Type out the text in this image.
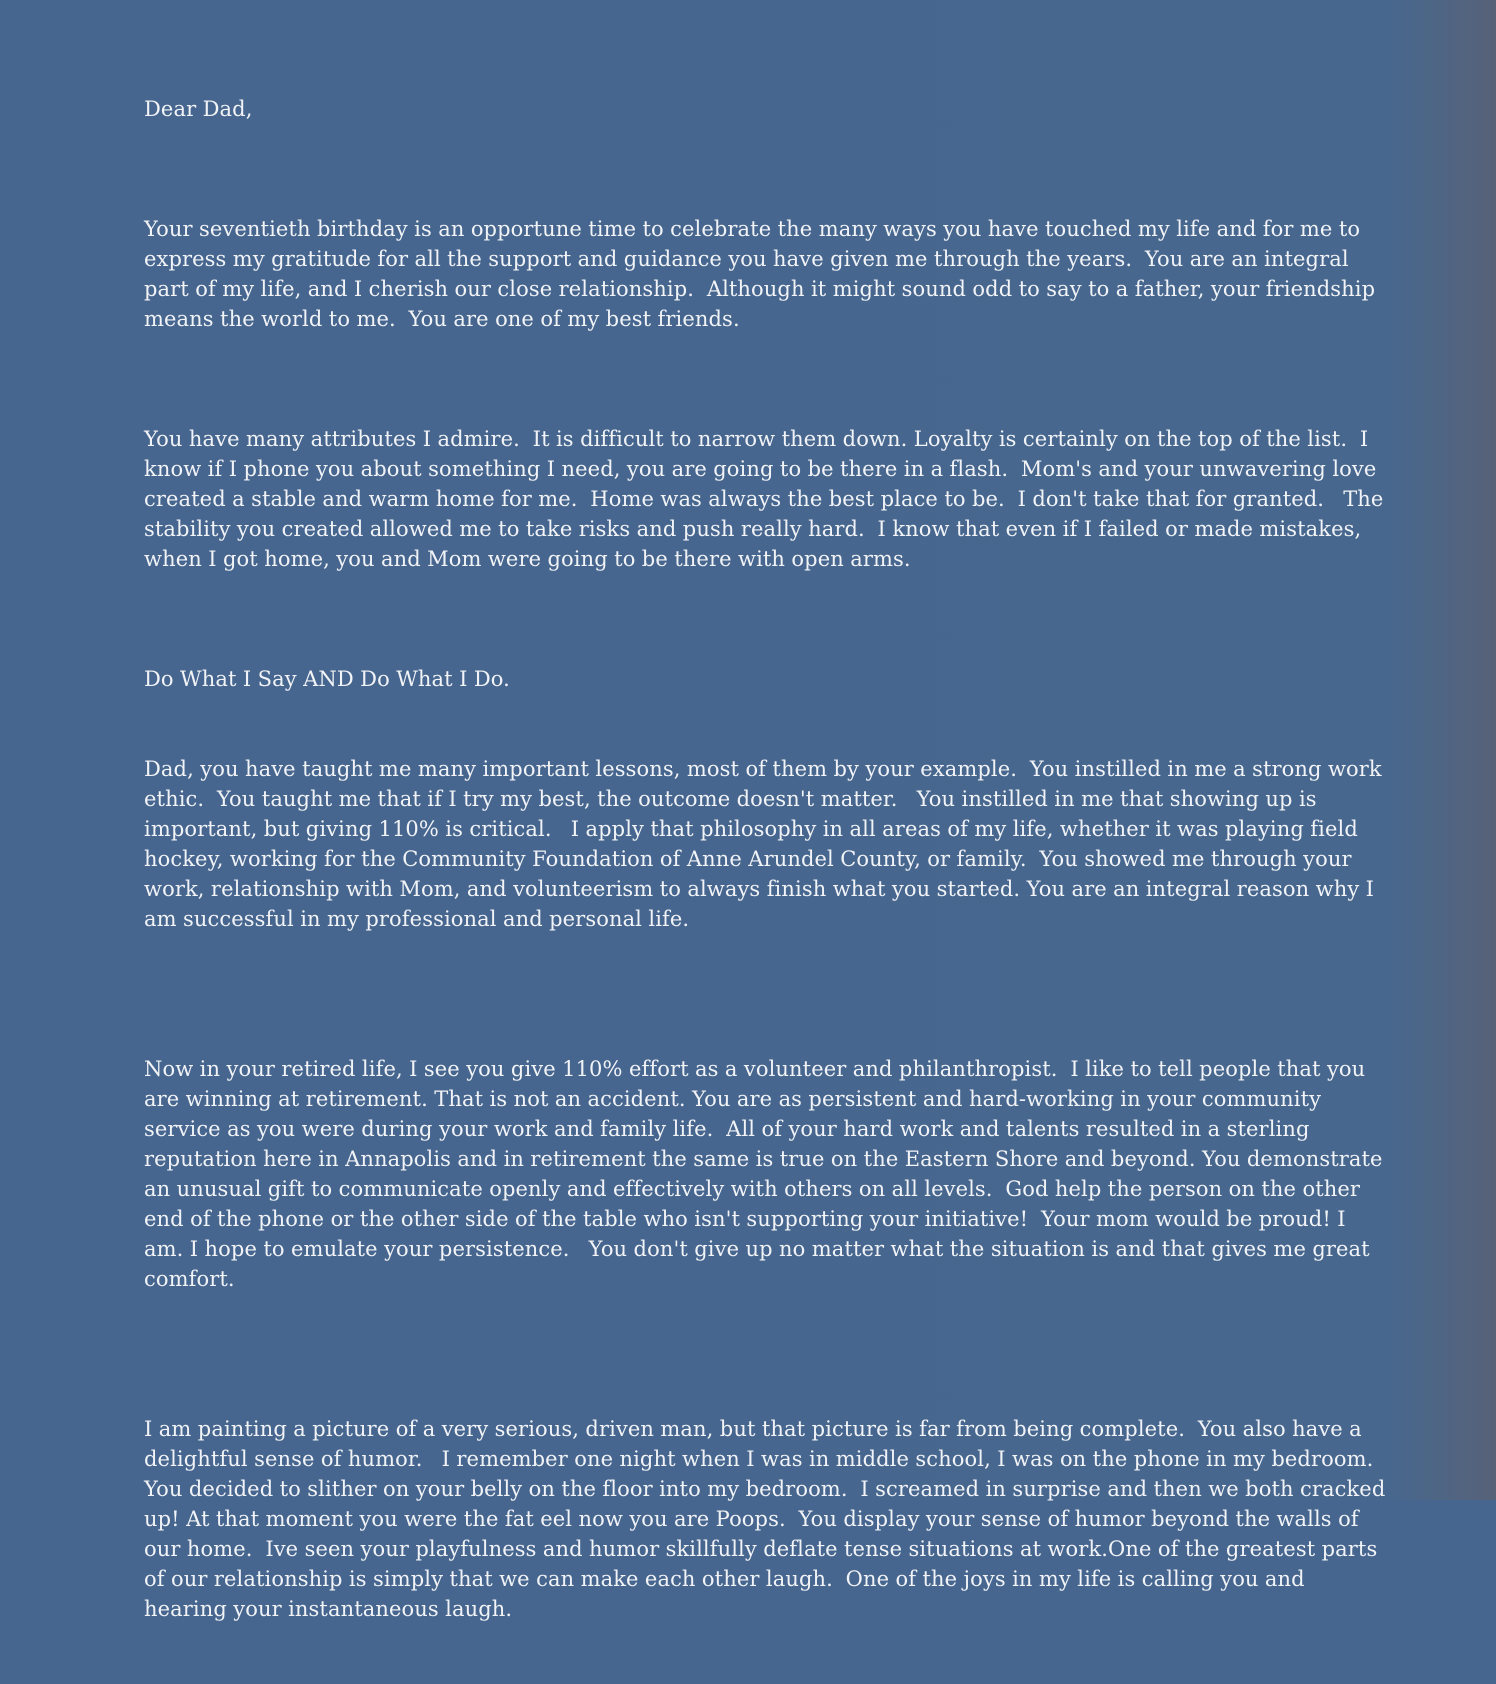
Dear Dad,

Your seventieth birthday is an opportune time to celebrate the many ways you have touched my life and for me to express my gratitude for all the support and guidance you have given me through the years.  You are an integral part of my life, and I cherish our close relationship.  Although it might sound odd to say to a father, your friendship means the world to me.  You are one of my best friends.

You have many attributes I admire.  It is difficult to narrow them down. Loyalty is certainly on the top of the list.  I know if I phone you about something I need, you are going to be there in a flash.  Mom's and your unwavering love created a stable and warm home for me.  Home was always the best place to be.  I don't take that for granted.   The stability you created allowed me to take risks and push really hard.  I know that even if I failed or made mistakes, when I got home, you and Mom were going to be there with open arms.

Do What I Say AND Do What I Do.

Dad, you have taught me many important lessons, most of them by your example.  You instilled in me a strong work ethic.  You taught me that if I try my best, the outcome doesn't matter.   You instilled in me that showing up is important, but giving 110% is critical.   I apply that philosophy in all areas of my life, whether it was playing field hockey, working for the Community Foundation of Anne Arundel County, or family.  You showed me through your work, relationship with Mom, and volunteerism to always finish what you started. You are an integral reason why I am successful in my professional and personal life.

Now in your retired life, I see you give 110% effort as a volunteer and philanthropist.  I like to tell people that you are winning at retirement. That is not an accident. You are as persistent and hard-working in your community service as you were during your work and family life.  All of your hard work and talents resulted in a sterling reputation here in Annapolis and in retirement the same is true on the Eastern Shore and beyond. You demonstrate an unusual gift to communicate openly and effectively with others on all levels.  God help the person on the other end of the phone or the other side of the table who isn't supporting your initiative!  Your mom would be proud! I am. I hope to emulate your persistence.   You don't give up no matter what the situation is and that gives me great comfort.

I am painting a picture of a very serious, driven man, but that picture is far from being complete.  You also have a delightful sense of humor.   I remember one night when I was in middle school, I was on the phone in my bedroom. You decided to slither on your belly on the floor into my bedroom.  I screamed in surprise and then we both cracked up! At that moment you were the fat eel now you are Poops.  You display your sense of humor beyond the walls of our home.  Ive seen your playfulness and humor skillfully deflate tense situations at work.One of the greatest parts of our relationship is simply that we can make each other laugh.  One of the joys in my life is calling you and hearing your instantaneous laugh.
